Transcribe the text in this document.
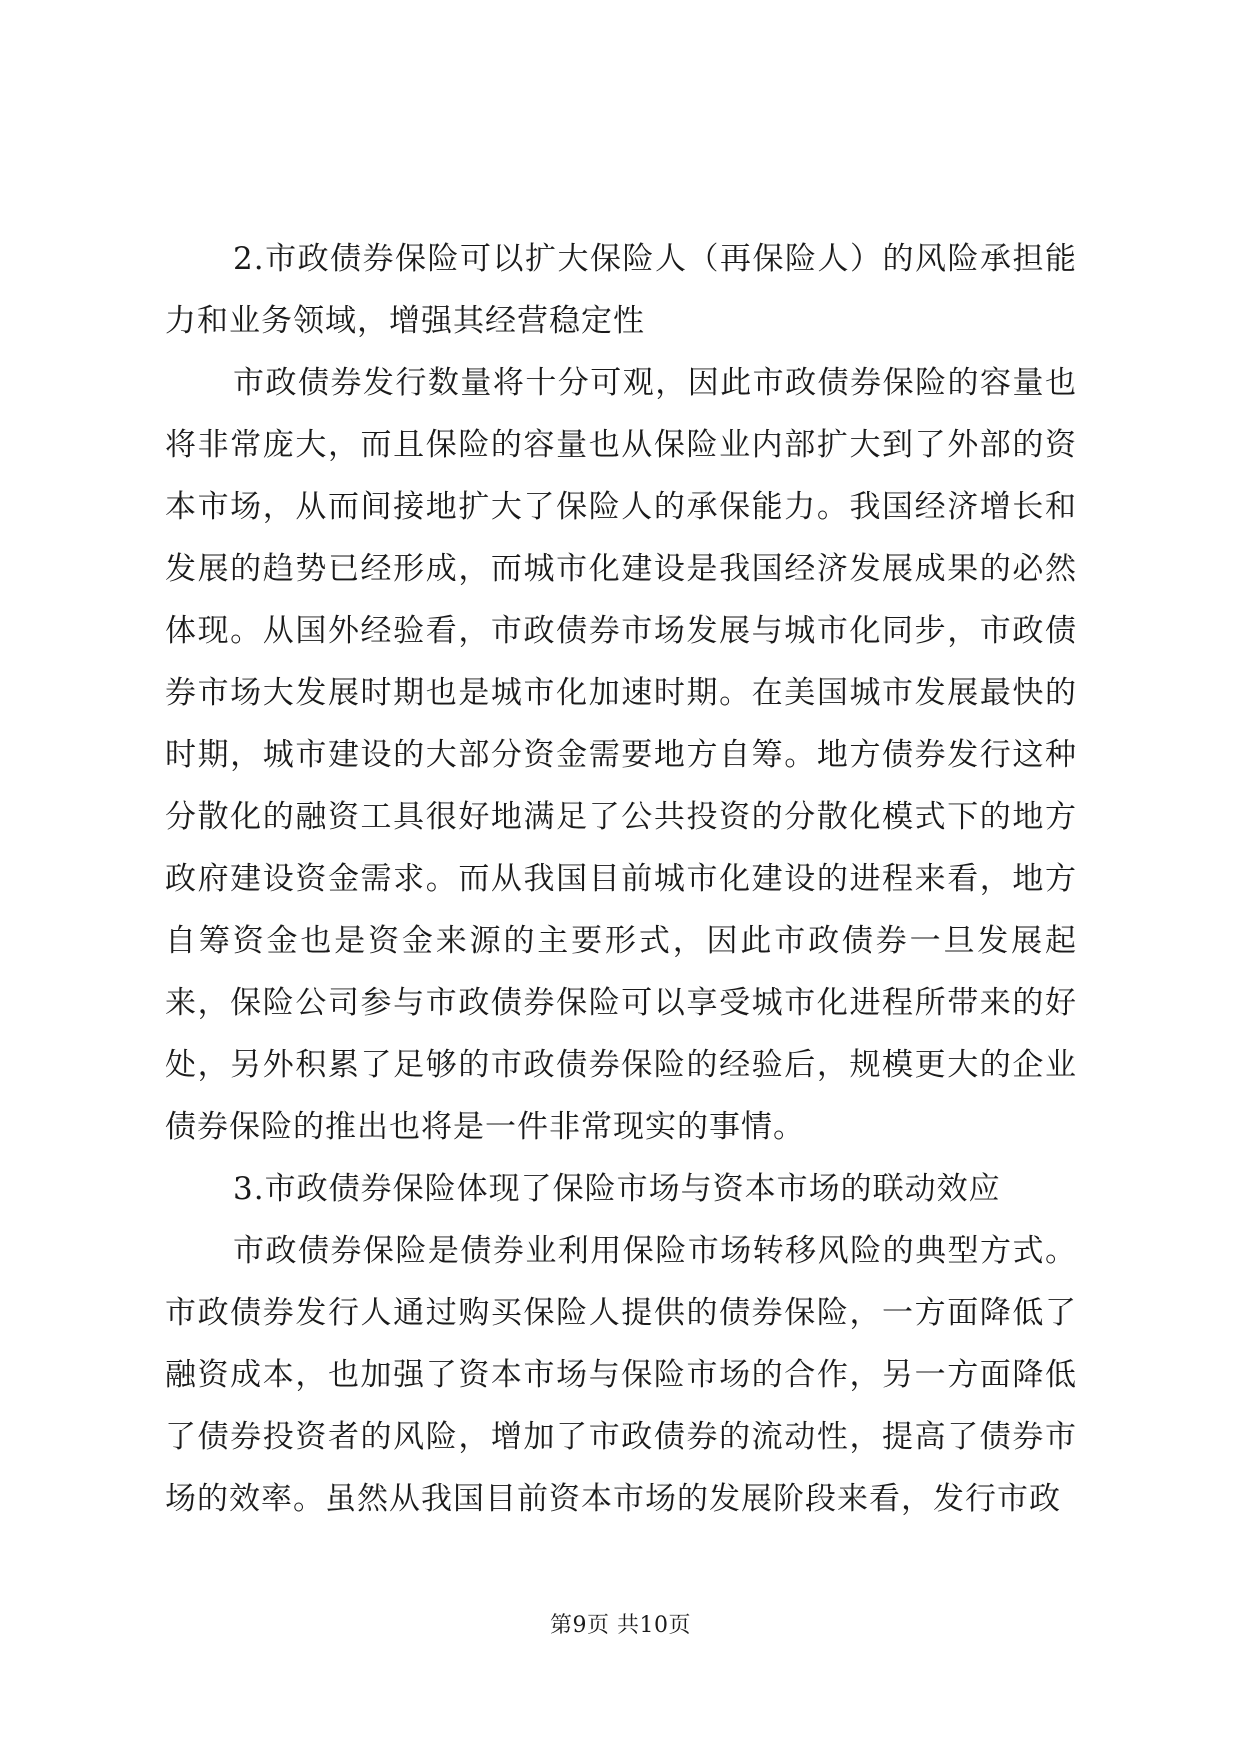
2.市政债券保险可以扩大保险人（再保险人）的风险承担能力和业务领域，增强其经营稳定性

市政债券发行数量将十分可观，因此市政债券保险的容量也将非常庞大，而且保险的容量也从保险业内部扩大到了外部的资本市场，从而间接地扩大了保险人的承保能力。我国经济增长和发展的趋势已经形成，而城市化建设是我国经济发展成果的必然体现。从国外经验看，市政债券市场发展与城市化同步，市政债券市场大发展时期也是城市化加速时期。在美国城市发展最快的时期，城市建设的大部分资金需要地方自筹。地方债券发行这种分散化的融资工具很好地满足了公共投资的分散化模式下的地方政府建设资金需求。而从我国目前城市化建设的进程来看，地方自筹资金也是资金来源的主要形式，因此市政债券一旦发展起来，保险公司参与市政债券保险可以享受城市化进程所带来的好处，另外积累了足够的市政债券保险的经验后，规模更大的企业债券保险的推出也将是一件非常现实的事情。

3.市政债券保险体现了保险市场与资本市场的联动效应

市政债券保险是债券业利用保险市场转移风险的典型方式。市政债券发行人通过购买保险人提供的债券保险，一方面降低了融资成本，也加强了资本市场与保险市场的合作，另一方面降低了债券投资者的风险，增加了市政债券的流动性，提高了债券市场的效率。虽然从我国目前资本市场的发展阶段来看，发行市政

第9页 共10页
